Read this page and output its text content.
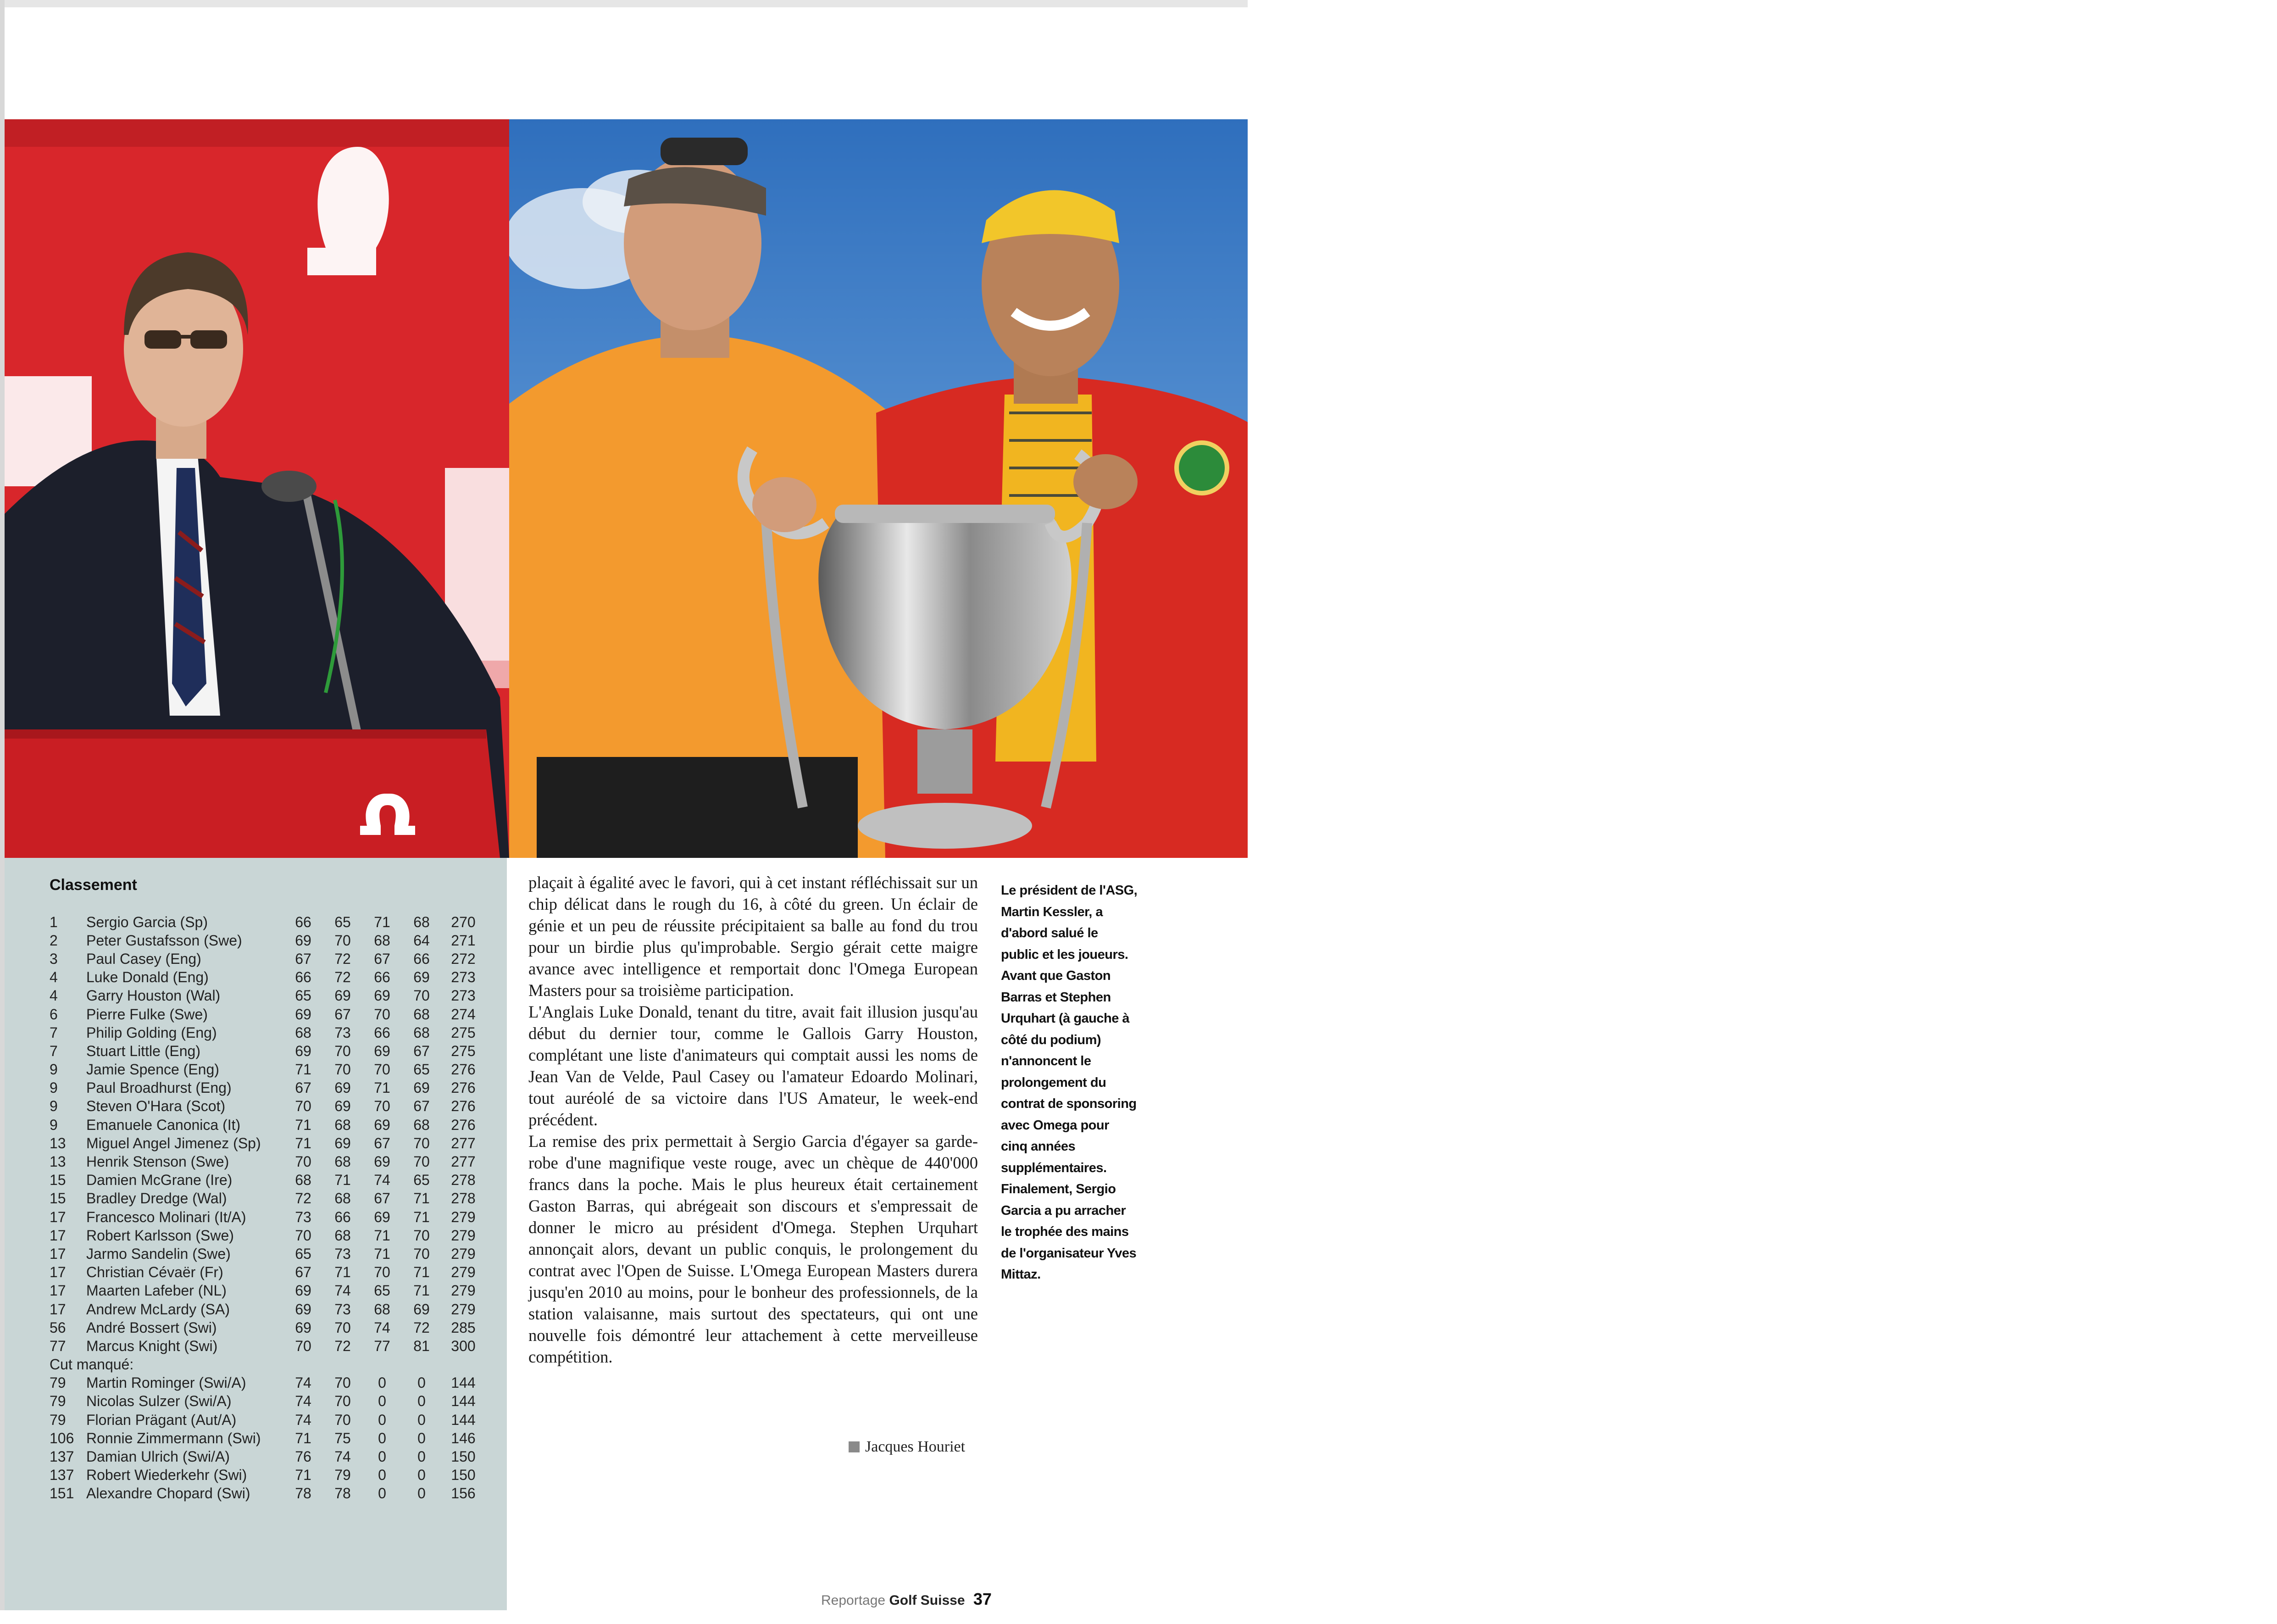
Classement
1	Sergio Garcia (Sp)	66	65	71	68	270
2	Peter Gustafsson (Swe)	69	70	68	64	271
3	Paul Casey (Eng)	67	72	67	66	272
4	Luke Donald (Eng)	66	72	66	69	273
4	Garry Houston (Wal)	65	69	69	70	273
6	Pierre Fulke (Swe)	69	67	70	68	274
7	Philip Golding (Eng)	68	73	66	68	275
7	Stuart Little (Eng)	69	70	69	67	275
9	Jamie Spence (Eng)	71	70	70	65	276
9	Paul Broadhurst (Eng)	67	69	71	69	276
9	Steven O'Hara (Scot)	70	69	70	67	276
9	Emanuele Canonica (It)	71	68	69	68	276
13	Miguel Angel Jimenez (Sp)	71	69	67	70	277
13	Henrik Stenson (Swe)	70	68	69	70	277
15	Damien McGrane (Ire)	68	71	74	65	278
15	Bradley Dredge (Wal)	72	68	67	71	278
17	Francesco Molinari (It/A)	73	66	69	71	279
17	Robert Karlsson (Swe)	70	68	71	70	279
17	Jarmo Sandelin (Swe)	65	73	71	70	279
17	Christian Cévaër (Fr)	67	71	70	71	279
17	Maarten Lafeber (NL)	69	74	65	71	279
17	Andrew McLardy (SA)	69	73	68	69	279
56	André Bossert (Swi)	69	70	74	72	285
77	Marcus Knight (Swi)	70	72	77	81	300
Cut manqué:
79	Martin Rominger (Swi/A)	74	70	0	0	144
79	Nicolas Sulzer (Swi/A)	74	70	0	0	144
79	Florian Prägant (Aut/A)	74	70	0	0	144
106 Ronnie Zimmermann (Swi)	71	75	0	0	146
137 Damian Ulrich (Swi/A)	76	74	0	0	150
137 Robert Wiederkehr (Swi)	71	79	0	0	150
151 Alexandre Chopard (Swi)	78	78	0	0	156

plaçait à égalité avec le favori, qui à cet instant réfléchissait sur un chip délicat dans le rough du 16, à côté du green. Un éclair de génie et un peu de réussite précipitaient sa balle au fond du trou pour un birdie plus qu'improbable. Sergio gérait cette maigre avance avec intelligence et remportait donc l'Omega European Masters pour sa troisième participation.

L'Anglais Luke Donald, tenant du titre, avait fait illusion jusqu'au début du dernier tour, comme le Gallois Garry Houston, complétant une liste d'animateurs qui comptait aussi les noms de Jean Van de Velde, Paul Casey ou l'amateur Edoardo Molinari, tout auréolé de sa victoire dans l'US Amateur, le week-end précédent.

La remise des prix permettait à Sergio Garcia d'égayer sa garde-robe d'une magnifique veste rouge, avec un chèque de 440'000 francs dans la poche. Mais le plus heureux était certainement Gaston Barras, qui abrégeait son discours et s'empressait de donner le micro au président d'Omega. Stephen Urquhart annonçait alors, devant un public conquis, le prolongement du contrat avec l'Open de Suisse. L'Omega European Masters durera jusqu'en 2010 au moins, pour le bonheur des professionnels, de la station valaisanne, mais surtout des spectateurs, qui ont une nouvelle fois démontré leur attachement à cette merveilleuse compétition.

Jacques Houriet
Le président de l'ASG, Martin Kessler, a d'abord salué le public et les joueurs. Avant que Gaston Barras et Stephen Urquhart (à gauche à côté du podium) n'annoncent le prolongement du contrat de sponsoring avec Omega pour cinq années supplémentaires. Finalement, Sergio Garcia a pu arracher le trophée des mains de l'organisateur Yves Mittaz.
Reportage Golf Suisse 37
